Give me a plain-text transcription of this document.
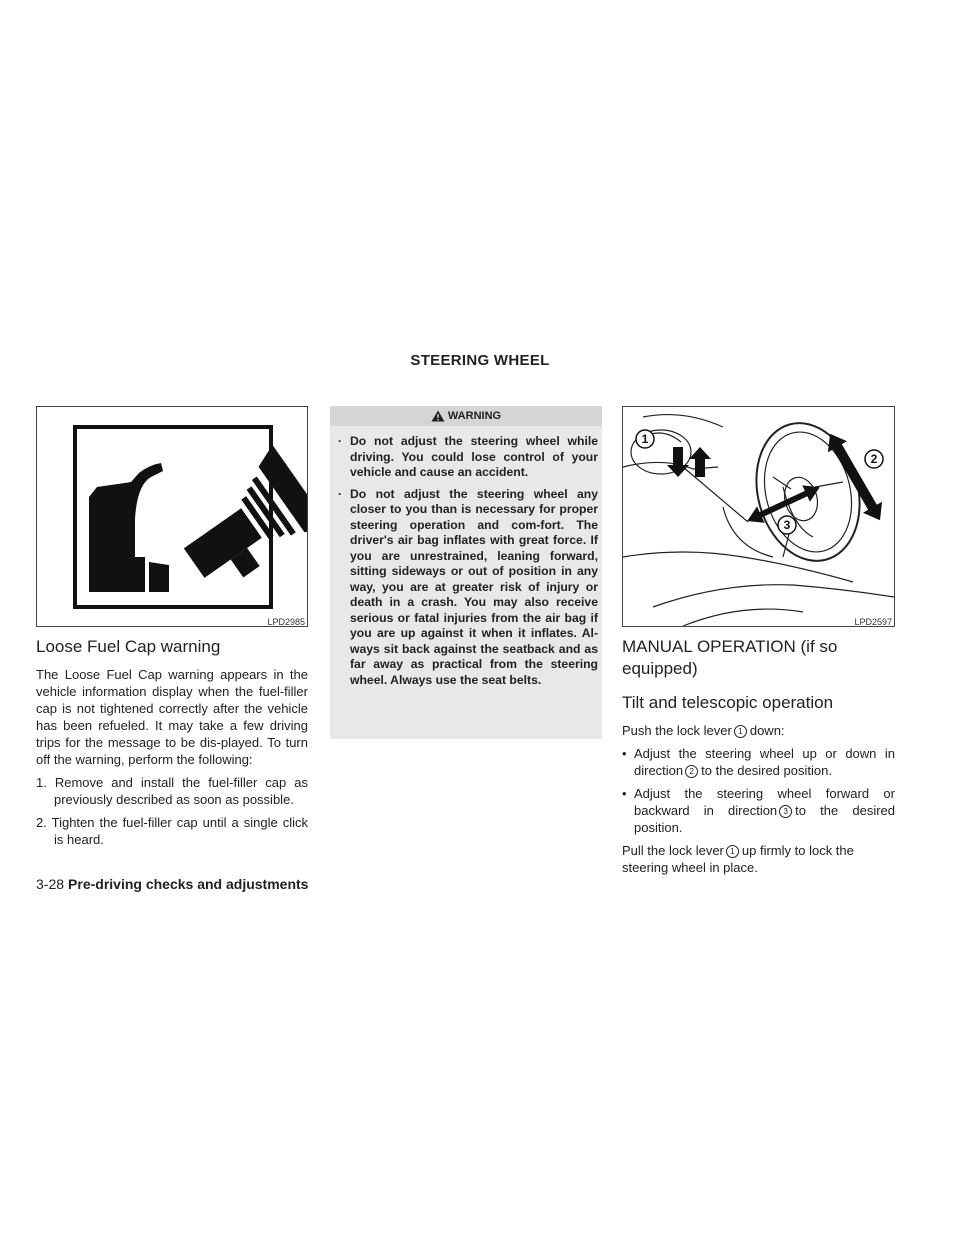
STEERING WHEEL
LPD2985
Loose Fuel Cap warning

The Loose Fuel Cap warning appears in the vehicle information display when the fuel-filler cap is not tightened correctly after the vehicle has been refueled. It may take a few driving trips for the message to be dis-played. To turn off the warning, perform the following:

1. Remove and install the fuel-filler cap as previously described as soon as possible.
2. Tighten the fuel-filler cap until a single click is heard.
WARNING
· Do not adjust the steering wheel while driving. You could lose control of your vehicle and cause an accident.
· Do not adjust the steering wheel any closer to you than is necessary for proper steering operation and com-fort. The driver's air bag inflates with great force. If you are unrestrained, leaning forward, sitting sideways or out of position in any way, you are at greater risk of injury or death in a crash. You may also receive serious or fatal injuries from the air bag if you are up against it when it inflates. Al-ways sit back against the seatback and as far away as practical from the steering wheel. Always use the seat belts.
1
2
3
LPD2597
MANUAL OPERATION (if so equipped)
Tilt and telescopic operation

Push the lock lever 1 down:

• Adjust the steering wheel up or down in direction 2 to the desired position.
• Adjust the steering wheel forward or backward in direction 3 to the desired position.

Pull the lock lever 1 up firmly to lock the steering wheel in place.

3-28 Pre-driving checks and adjustments
